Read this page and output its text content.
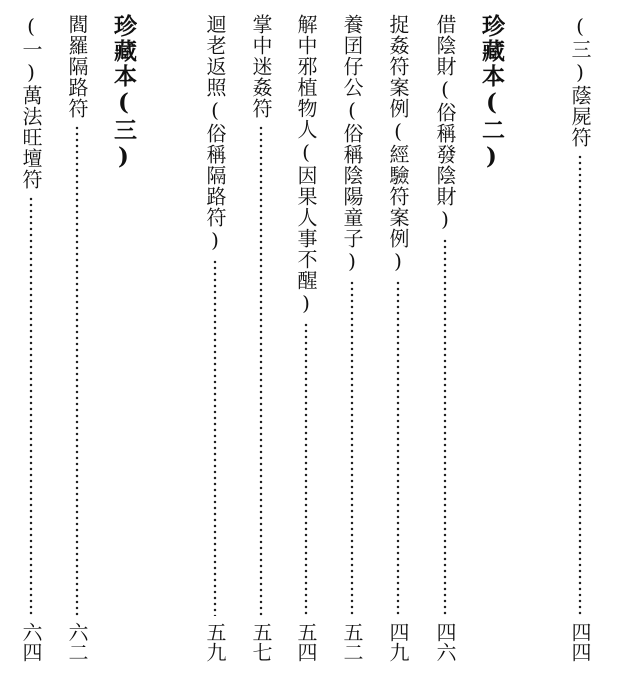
(三)蔭屍符
四四
珍藏本(二)
借陰財(俗稱發陰財)
四六
捉姦符案例(經驗符案例)
四九
養囝仔公(俗稱陰陽童子)
五二
解中邪植物人(因果人事不醒)
五四
掌中迷姦符
五七
迴老返照(俗稱隔路符)
五九
珍藏本(三)
閻羅隔路符
六二
(一)萬法旺壇符
六四
